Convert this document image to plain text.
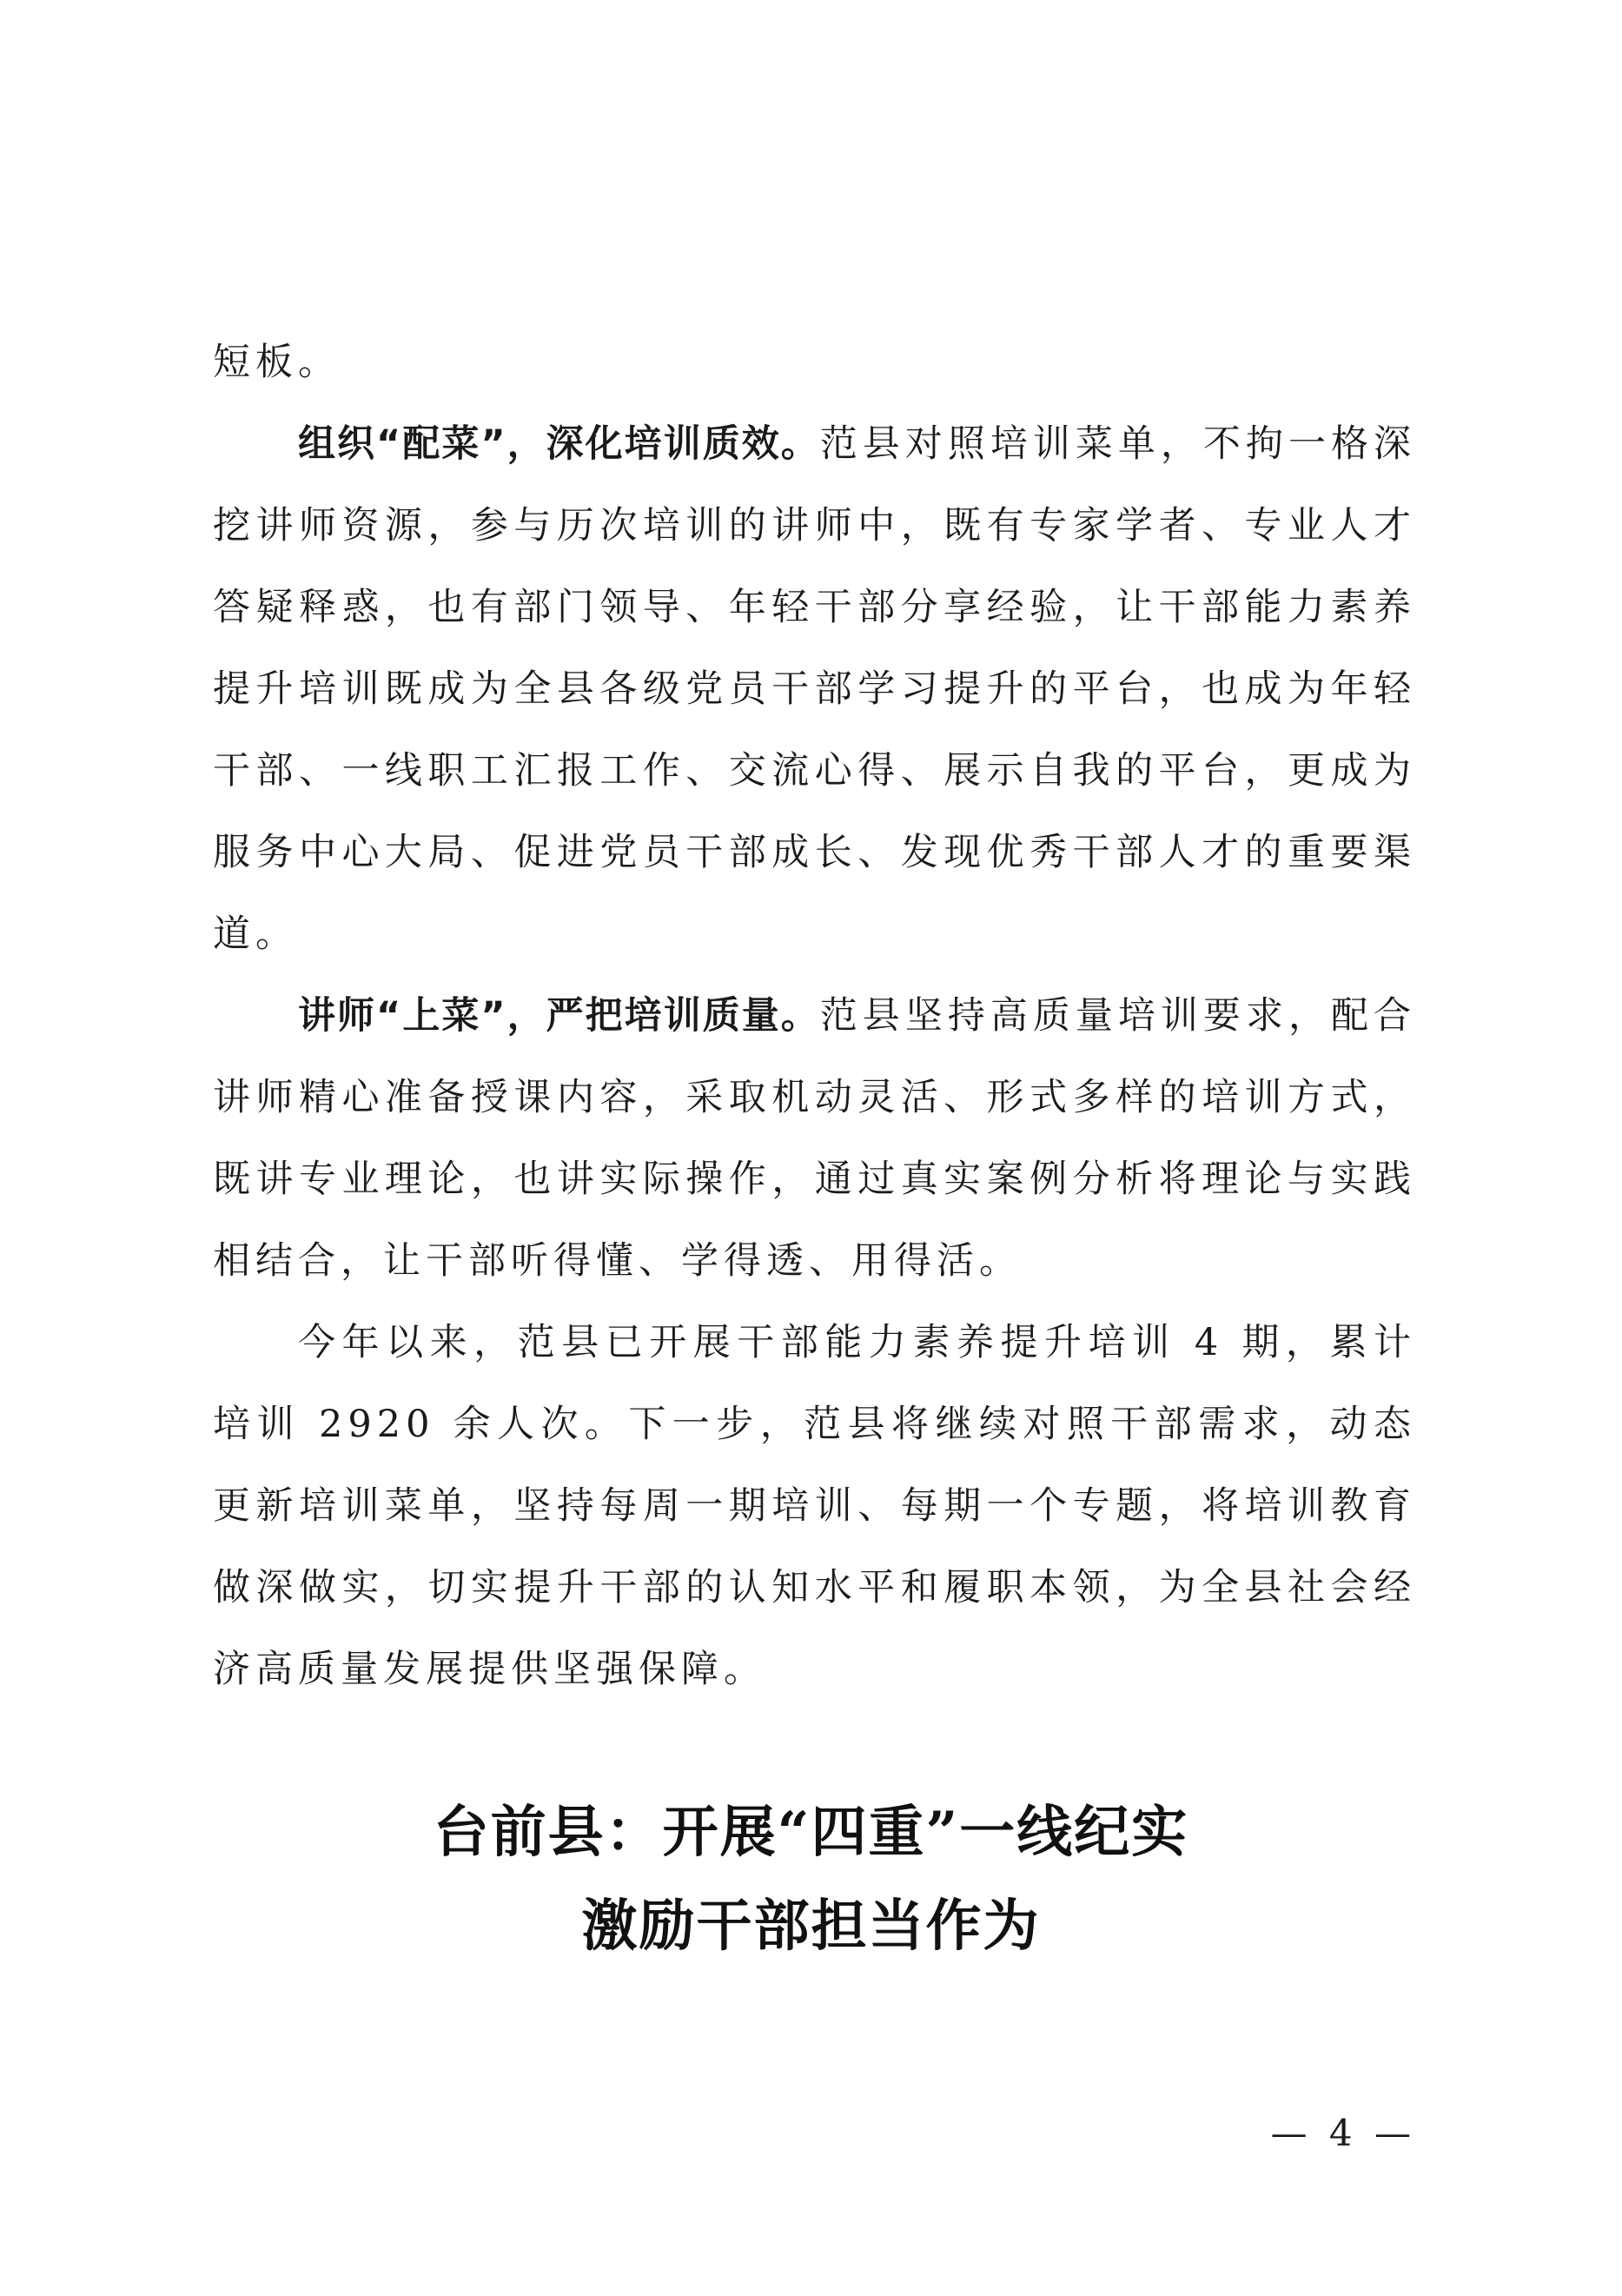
短板。

组织“配菜”，深化培训质效。范县对照培训菜单，不拘一格深挖讲师资源，参与历次培训的讲师中，既有专家学者、专业人才答疑释惑，也有部门领导、年轻干部分享经验，让干部能力素养提升培训既成为全县各级党员干部学习提升的平台，也成为年轻干部、一线职工汇报工作、交流心得、展示自我的平台，更成为服务中心大局、促进党员干部成长、发现优秀干部人才的重要渠道。

讲师“上菜”，严把培训质量。范县坚持高质量培训要求，配合讲师精心准备授课内容，采取机动灵活、形式多样的培训方式，既讲专业理论，也讲实际操作，通过真实案例分析将理论与实践相结合，让干部听得懂、学得透、用得活。

今年以来，范县已开展干部能力素养提升培训 4 期，累计培训 2920 余人次。下一步，范县将继续对照干部需求，动态更新培训菜单，坚持每周一期培训、每期一个专题，将培训教育做深做实，切实提升干部的认知水平和履职本领，为全县社会经济高质量发展提供坚强保障。

台前县：开展“四重”一线纪实
激励干部担当作为
— 4 —
